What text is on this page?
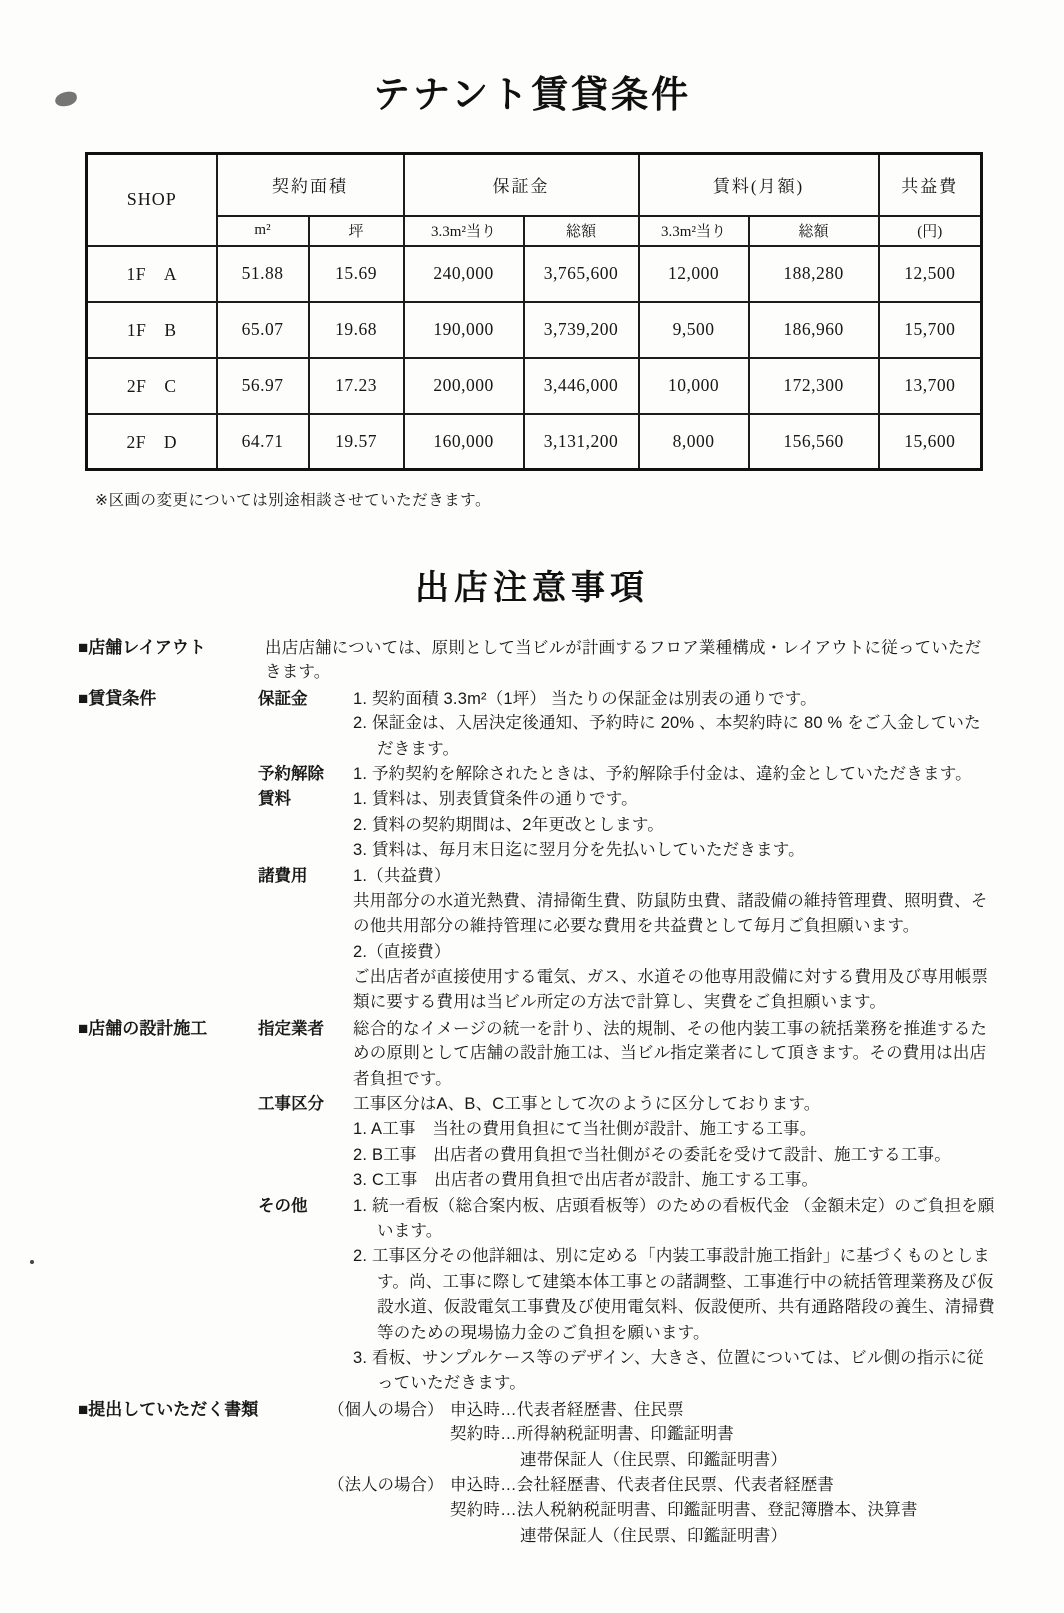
テナント賃貸条件
SHOP	契約面積		保証金		賃料(月額)		共益費
	m²	坪	3.3m²当り	総額	3.3m²当り	総額	(円)
1F　A	51.88	15.69	240,000	3,765,600	12,000	188,280	12,500
1F　B	65.07	19.68	190,000	3,739,200	9,500	186,960	15,700
2F　C	56.97	17.23	200,000	3,446,000	10,000	172,300	13,700
2F　D	64.71	19.57	160,000	3,131,200	8,000	156,560	15,600
※区画の変更については別途相談させていただきます。
出店注意事項
■店舗レイアウト	出店店舗については、原則として当ビルが計画するフロア業種構成・レイアウトに従っていただ
きます。
■賃貸条件	保証金	1. 契約面積 3.3m²（1坪） 当たりの保証金は別表の通りです。
2. 保証金は、入居決定後通知、予約時に 20% 、本契約時に 80 % をご入金していた
だきます。
予約解除	1. 予約契約を解除されたときは、予約解除手付金は、違約金としていただきます。
賃料	1. 賃料は、別表賃貸条件の通りです。
2. 賃料の契約期間は、2年更改とします。
3. 賃料は、毎月末日迄に翌月分を先払いしていただきます。
諸費用	1.（共益費）
共用部分の水道光熱費、清掃衛生費、防鼠防虫費、諸設備の維持管理費、照明費、そ
の他共用部分の維持管理に必要な費用を共益費として毎月ご負担願います。
2.（直接費）
ご出店者が直接使用する電気、ガス、水道その他専用設備に対する費用及び専用帳票
類に要する費用は当ビル所定の方法で計算し、実費をご負担願います。
■店舗の設計施工	指定業者	総合的なイメージの統一を計り、法的規制、その他内装工事の統括業務を推進するた
めの原則として店舗の設計施工は、当ビル指定業者にして頂きます。その費用は出店
者負担です。
工事区分	工事区分はA、B、C工事として次のように区分しております。
1. A工事　当社の費用負担にて当社側が設計、施工する工事。
2. B工事　出店者の費用負担で当社側がその委託を受けて設計、施工する工事。
3. C工事　出店者の費用負担で出店者が設計、施工する工事。
その他	1. 統一看板（総合案内板、店頭看板等）のための看板代金 （金額未定）のご負担を願
います。
2. 工事区分その他詳細は、別に定める「内装工事設計施工指針」に基づくものとしま
す。尚、工事に際して建築本体工事との諸調整、工事進行中の統括管理業務及び仮
設水道、仮設電気工事費及び使用電気料、仮設便所、共有通路階段の養生、清掃費
等のための現場協力金のご負担を願います。
3. 看板、サンプルケース等のデザイン、大きさ、位置については、ビル側の指示に従
っていただきます。
■提出していただく書類	（個人の場合） 申込時…代表者経歴書、住民票
契約時…所得納税証明書、印鑑証明書
連帯保証人（住民票、印鑑証明書）
（法人の場合） 申込時…会社経歴書、代表者住民票、代表者経歴書
契約時…法人税納税証明書、印鑑証明書、登記簿謄本、決算書
連帯保証人（住民票、印鑑証明書）
